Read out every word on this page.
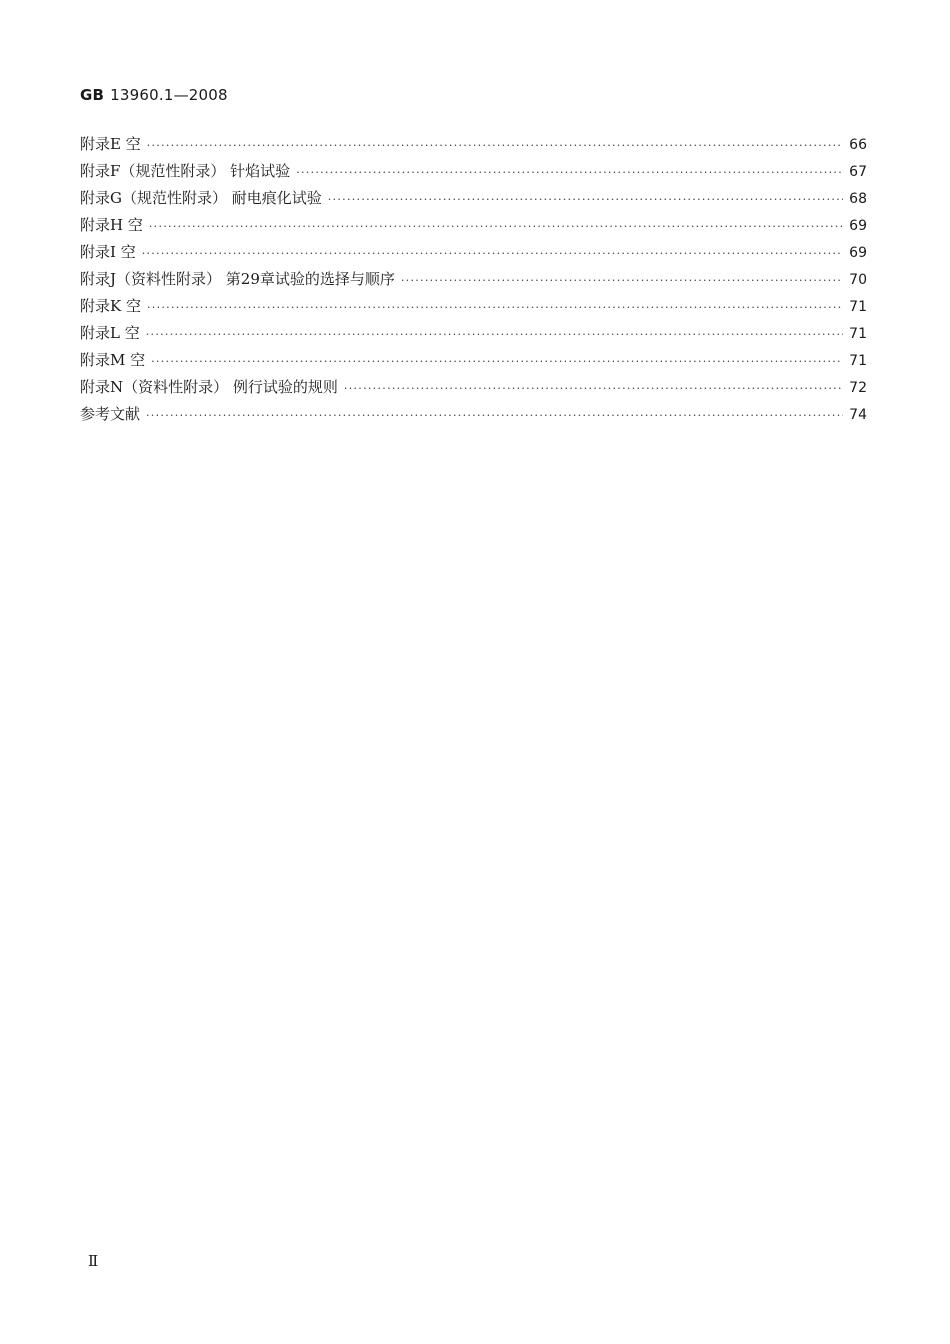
GB 13960.1—2008
附录E 空 ·····	66
附录F（规范性附录） 针焰试验 ·····	67
附录G（规范性附录） 耐电痕化试验 ·····	68
附录H 空 ·····	69
附录I 空 ·····	69
附录J（资料性附录） 第29章试验的选择与顺序 ·····	70
附录K 空 ·····	71
附录L 空 ·····	71
附录M 空 ·····	71
附录N（资料性附录） 例行试验的规则 ·····	72
参考文献 ·····	74
Ⅱ
